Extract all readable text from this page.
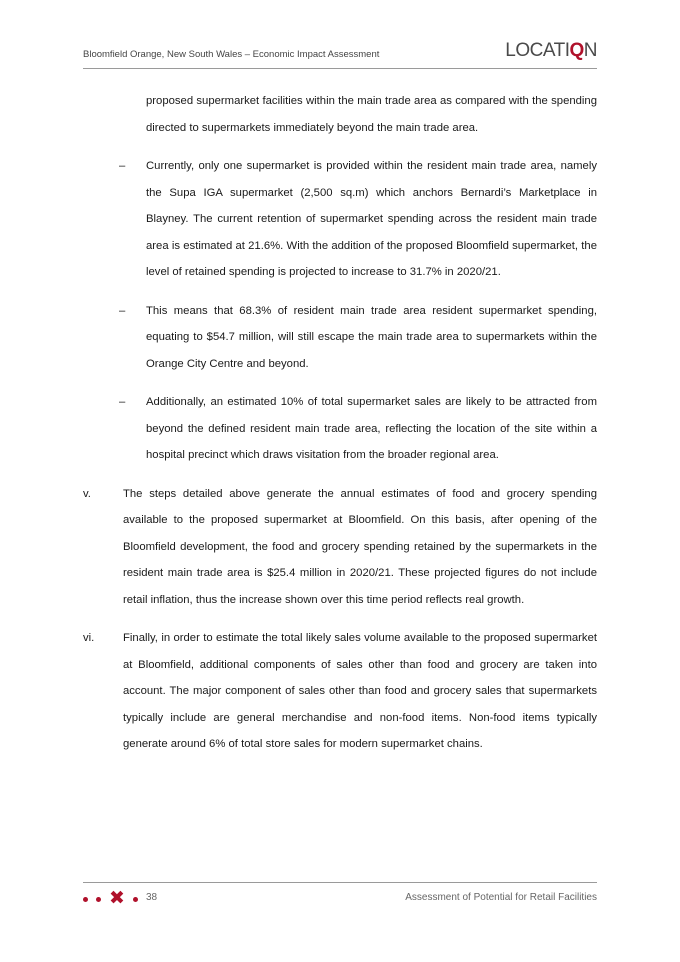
Bloomfield Orange, New South Wales – Economic Impact Assessment	LOCATIQN

proposed supermarket facilities within the main trade area as compared with the spending directed to supermarkets immediately beyond the main trade area.

– Currently, only one supermarket is provided within the resident main trade area, namely the Supa IGA supermarket (2,500 sq.m) which anchors Bernardi’s Marketplace in Blayney. The current retention of supermarket spending across the resident main trade area is estimated at 21.6%. With the addition of the proposed Bloomfield supermarket, the level of retained spending is projected to increase to 31.7% in 2020/21.

– This means that 68.3% of resident main trade area resident supermarket spending, equating to $54.7 million, will still escape the main trade area to supermarkets within the Orange City Centre and beyond.

– Additionally, an estimated 10% of total supermarket sales are likely to be attracted from beyond the defined resident main trade area, reflecting the location of the site within a hospital precinct which draws visitation from the broader regional area.

v.	The steps detailed above generate the annual estimates of food and grocery spending available to the proposed supermarket at Bloomfield. On this basis, after opening of the Bloomfield development, the food and grocery spending retained by the supermarkets in the resident main trade area is $25.4 million in 2020/21. These projected figures do not include retail inflation, thus the increase shown over this time period reflects real growth.

vi.	Finally, in order to estimate the total likely sales volume available to the proposed supermarket at Bloomfield, additional components of sales other than food and grocery are taken into account. The major component of sales other than food and grocery sales that supermarkets typically include are general merchandise and non-food items. Non-food items typically generate around 6% of total store sales for modern supermarket chains.

✖ 38	Assessment of Potential for Retail Facilities
